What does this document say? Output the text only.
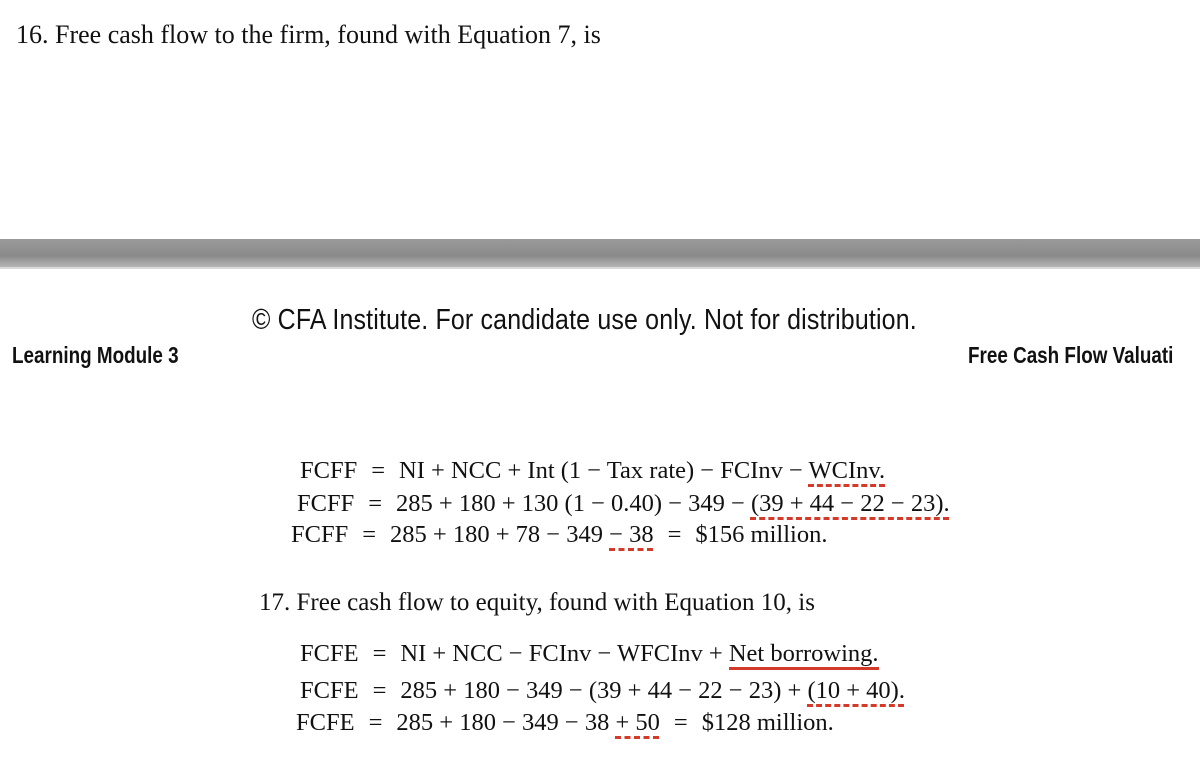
16. Free cash flow to the firm, found with Equation 7, is
© CFA Institute. For candidate use only. Not for distribution.
Learning Module 3	Free Cash Flow Valuati
FCFF = NI + NCC + Int (1 − Tax rate) − FCInv − WCInv.
FCFF = 285 + 180 + 130 (1 − 0.40) − 349 − (39 + 44 − 22 − 23).
FCFF = 285 + 180 + 78 − 349 − 38 = $156 million.
17. Free cash flow to equity, found with Equation 10, is
FCFE = NI + NCC − FCInv − WFCInv + Net borrowing.
FCFE = 285 + 180 − 349 − (39 + 44 − 22 − 23) + (10 + 40).
FCFE = 285 + 180 − 349 − 38 + 50 = $128 million.
